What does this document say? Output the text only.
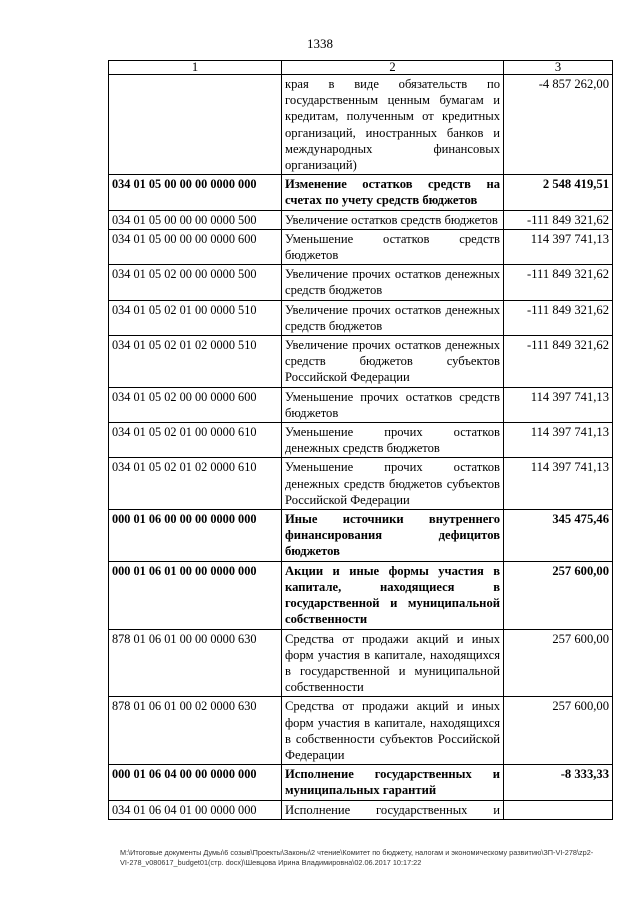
1338
1	2	3
	края в виде обязательств по государственным ценным бумагам и кредитам, полученным от кредитных организаций, иностранных банков и международных финансовых организаций)	-4 857 262,00
034 01 05 00 00 00 0000 000	Изменение остатков средств на счетах по учету средств бюджетов	2 548 419,51
034 01 05 00 00 00 0000 500	Увеличение остатков средств бюджетов	-111 849 321,62
034 01 05 00 00 00 0000 600	Уменьшение остатков средств бюджетов	114 397 741,13
034 01 05 02 00 00 0000 500	Увеличение прочих остатков денежных средств бюджетов	-111 849 321,62
034 01 05 02 01 00 0000 510	Увеличение прочих остатков денежных средств бюджетов	-111 849 321,62
034 01 05 02 01 02 0000 510	Увеличение прочих остатков денежных средств бюджетов субъектов Российской Федерации	-111 849 321,62
034 01 05 02 00 00 0000 600	Уменьшение прочих остатков средств бюджетов	114 397 741,13
034 01 05 02 01 00 0000 610	Уменьшение прочих остатков денежных средств бюджетов	114 397 741,13
034 01 05 02 01 02 0000 610	Уменьшение прочих остатков денежных средств бюджетов субъектов Российской Федерации	114 397 741,13
000 01 06 00 00 00 0000 000	Иные источники внутреннего финансирования дефицитов бюджетов	345 475,46
000 01 06 01 00 00 0000 000	Акции и иные формы участия в капитале, находящиеся в государственной и муниципальной собственности	257 600,00
878 01 06 01 00 00 0000 630	Средства от продажи акций и иных форм участия в капитале, находящихся в государственной и муниципальной собственности	257 600,00
878 01 06 01 00 02 0000 630	Средства от продажи акций и иных форм участия в капитале, находящихся в собственности субъектов Российской Федерации	257 600,00
000 01 06 04 00 00 0000 000	Исполнение государственных и муниципальных гарантий	-8 333,33
034 01 06 04 01 00 0000 000	Исполнение государственных и	
M:\Итоговые документы Думы\6 созыв\Проекты\Законы\2 чтение\Комитет по бюджету, налогам и экономическому развитию\ЗП-VI-278\zp2-VI-278_v080617_budget01(стр. docx)\Шевцова Ирина Владимировна\02.06.2017 10:17:22
